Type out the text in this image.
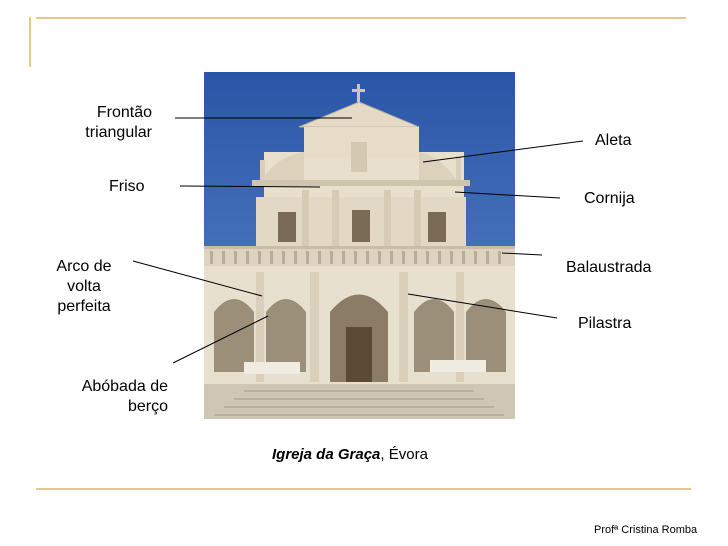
Frontão
triangular
Friso
Arco de
volta
perfeita
Abóbada de
berço
Aleta
Cornija
Balaustrada
Pilastra
Igreja da Graça, Évora
Profª Cristina Romba
